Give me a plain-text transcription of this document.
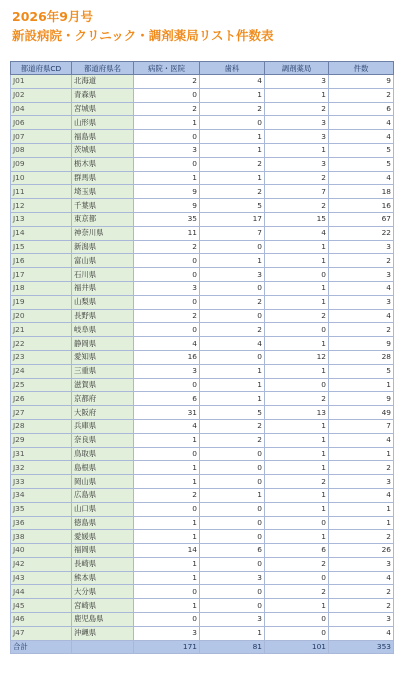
2026年9月号
新設病院・クリニック・調剤薬局リスト件数表
都道府県CD	都道府県名	病院・医院	歯科	調剤薬局	件数
J01	北海道	2	4	3	9
J02	青森県	0	1	1	2
J04	宮城県	2	2	2	6
J06	山形県	1	0	3	4
J07	福島県	0	1	3	4
J08	茨城県	3	1	1	5
J09	栃木県	0	2	3	5
J10	群馬県	1	1	2	4
J11	埼玉県	9	2	7	18
J12	千葉県	9	5	2	16
J13	東京都	35	17	15	67
J14	神奈川県	11	7	4	22
J15	新潟県	2	0	1	3
J16	富山県	0	1	1	2
J17	石川県	0	3	0	3
J18	福井県	3	0	1	4
J19	山梨県	0	2	1	3
J20	長野県	2	0	2	4
J21	岐阜県	0	2	0	2
J22	静岡県	4	4	1	9
J23	愛知県	16	0	12	28
J24	三重県	3	1	1	5
J25	滋賀県	0	1	0	1
J26	京都府	6	1	2	9
J27	大阪府	31	5	13	49
J28	兵庫県	4	2	1	7
J29	奈良県	1	2	1	4
J31	鳥取県	0	0	1	1
J32	島根県	1	0	1	2
J33	岡山県	1	0	2	3
J34	広島県	2	1	1	4
J35	山口県	0	0	1	1
J36	徳島県	1	0	0	1
J38	愛媛県	1	0	1	2
J40	福岡県	14	6	6	26
J42	長崎県	1	0	2	3
J43	熊本県	1	3	0	4
J44	大分県	0	0	2	2
J45	宮崎県	1	0	1	2
J46	鹿児島県	0	3	0	3
J47	沖縄県	3	1	0	4
合計		171	81	101	353
